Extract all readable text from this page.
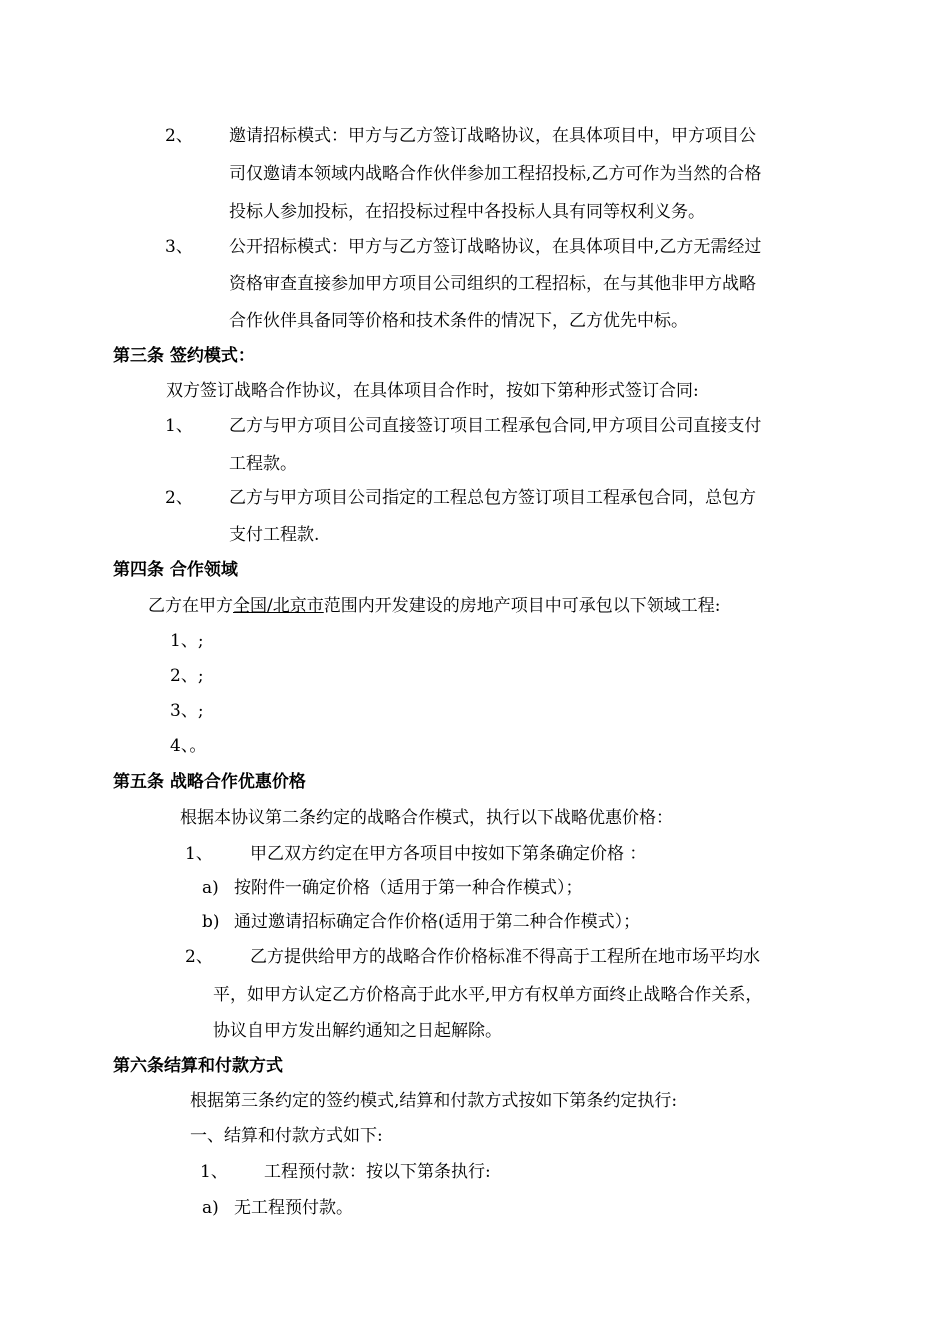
2、 邀请招标模式：甲方与乙方签订战略协议，在具体项目中，甲方项目公
司仅邀请本领域内战略合作伙伴参加工程招投标,乙方可作为当然的合格
投标人参加投标，在招投标过程中各投标人具有同等权利义务。
3、 公开招标模式：甲方与乙方签订战略协议，在具体项目中,乙方无需经过
资格审查直接参加甲方项目公司组织的工程招标，在与其他非甲方战略
合作伙伴具备同等价格和技术条件的情况下，乙方优先中标。
第三条 签约模式：
双方签订战略合作协议，在具体项目合作时，按如下第种形式签订合同:
1、 乙方与甲方项目公司直接签订项目工程承包合同,甲方项目公司直接支付
工程款。
2、 乙方与甲方项目公司指定的工程总包方签订项目工程承包合同，总包方
支付工程款.
第四条 合作领域
乙方在甲方全国/北京市范围内开发建设的房地产项目中可承包以下领域工程:
1、;
2、;
3、;
4、。
第五条 战略合作优惠价格
根据本协议第二条约定的战略合作模式，执行以下战略优惠价格：
1、 甲乙双方约定在甲方各项目中按如下第条确定价格 ：
a) 按附件一确定价格（适用于第一种合作模式）；
b) 通过邀请招标确定合作价格(适用于第二种合作模式）；
2、 乙方提供给甲方的战略合作价格标准不得高于工程所在地市场平均水
平，如甲方认定乙方价格高于此水平,甲方有权单方面终止战略合作关系，
协议自甲方发出解约通知之日起解除。
第六条结算和付款方式
根据第三条约定的签约模式,结算和付款方式按如下第条约定执行:
一、结算和付款方式如下:
1、 工程预付款：按以下第条执行:
a) 无工程预付款。
